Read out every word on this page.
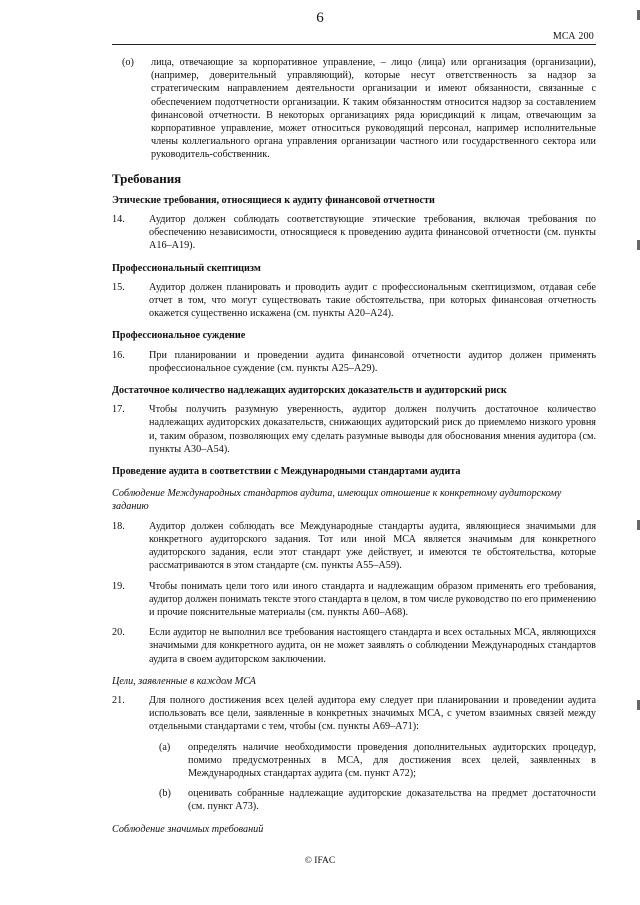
6
МСА 200
(o)	лица, отвечающие за корпоративное управление, – лицо (лица) или организация (организации), (например, доверительный управляющий), которые несут ответственность за надзор за стратегическим направлением деятельности организации и имеют обязанности, связанные с обеспечением подотчетности организации. К таким обязанностям относится надзор за составлением финансовой отчетности. В некоторых организациях ряда юрисдикций к лицам, отвечающим за корпоративное управление, может относиться руководящий персонал, например исполнительные члены коллегиального органа управления организации частного или государственного сектора или руководитель-собственник.
Требования
Этические требования, относящиеся к аудиту финансовой отчетности
14.	Аудитор должен соблюдать соответствующие этические требования, включая требования по обеспечению независимости, относящиеся к проведению аудита финансовой отчетности (см. пункты A16–A19).
Профессиональный скептицизм
15.	Аудитор должен планировать и проводить аудит с профессиональным скептицизмом, отдавая себе отчет в том, что могут существовать такие обстоятельства, при которых финансовая отчетность окажется существенно искажена (см. пункты A20–A24).
Профессиональное суждение
16.	При планировании и проведении аудита финансовой отчетности аудитор должен применять профессиональное суждение (см. пункты A25–A29).
Достаточное количество надлежащих аудиторских доказательств и аудиторский риск
17.	Чтобы получить разумную уверенность, аудитор должен получить достаточное количество надлежащих аудиторских доказательств, снижающих аудиторский риск до приемлемо низкого уровня и, таким образом, позволяющих ему сделать разумные выводы для обоснования мнения аудитора (см. пункты A30–A54).
Проведение аудита в соответствии с Международными стандартами аудита
Соблюдение Международных стандартов аудита, имеющих отношение к конкретному аудиторскому заданию
18.	Аудитор должен соблюдать все Международные стандарты аудита, являющиеся значимыми для конкретного аудиторского задания. Тот или иной МСА является значимым для конкретного аудиторского задания, если этот стандарт уже действует, и имеются те обстоятельства, которые рассматриваются в этом стандарте (см. пункты A55–A59).
19.	Чтобы понимать цели того или иного стандарта и надлежащим образом применять его требования, аудитор должен понимать тексте этого стандарта в целом, в том числе руководство по его применению и прочие пояснительные материалы (см. пункты A60–A68).
20.	Если аудитор не выполнил все требования настоящего стандарта и всех остальных МСА, являющихся значимыми для конкретного аудита, он не может заявлять о соблюдении Международных стандартов аудита в своем аудиторском заключении.
Цели, заявленные в каждом МСА
21.	Для полного достижения всех целей аудитора ему следует при планировании и проведении аудита использовать все цели, заявленные в конкретных значимых МСА, с учетом взаимных связей между отдельными стандартами с тем, чтобы (см. пункты A69–A71):
(a)	определять наличие необходимости проведения дополнительных аудиторских процедур, помимо предусмотренных в МСА, для достижения всех целей, заявленных в Международных стандартах аудита (см. пункт A72);
(b)	оценивать собранные надлежащие аудиторские доказательства на предмет достаточности (см. пункт A73).
Соблюдение значимых требований
© IFAC
